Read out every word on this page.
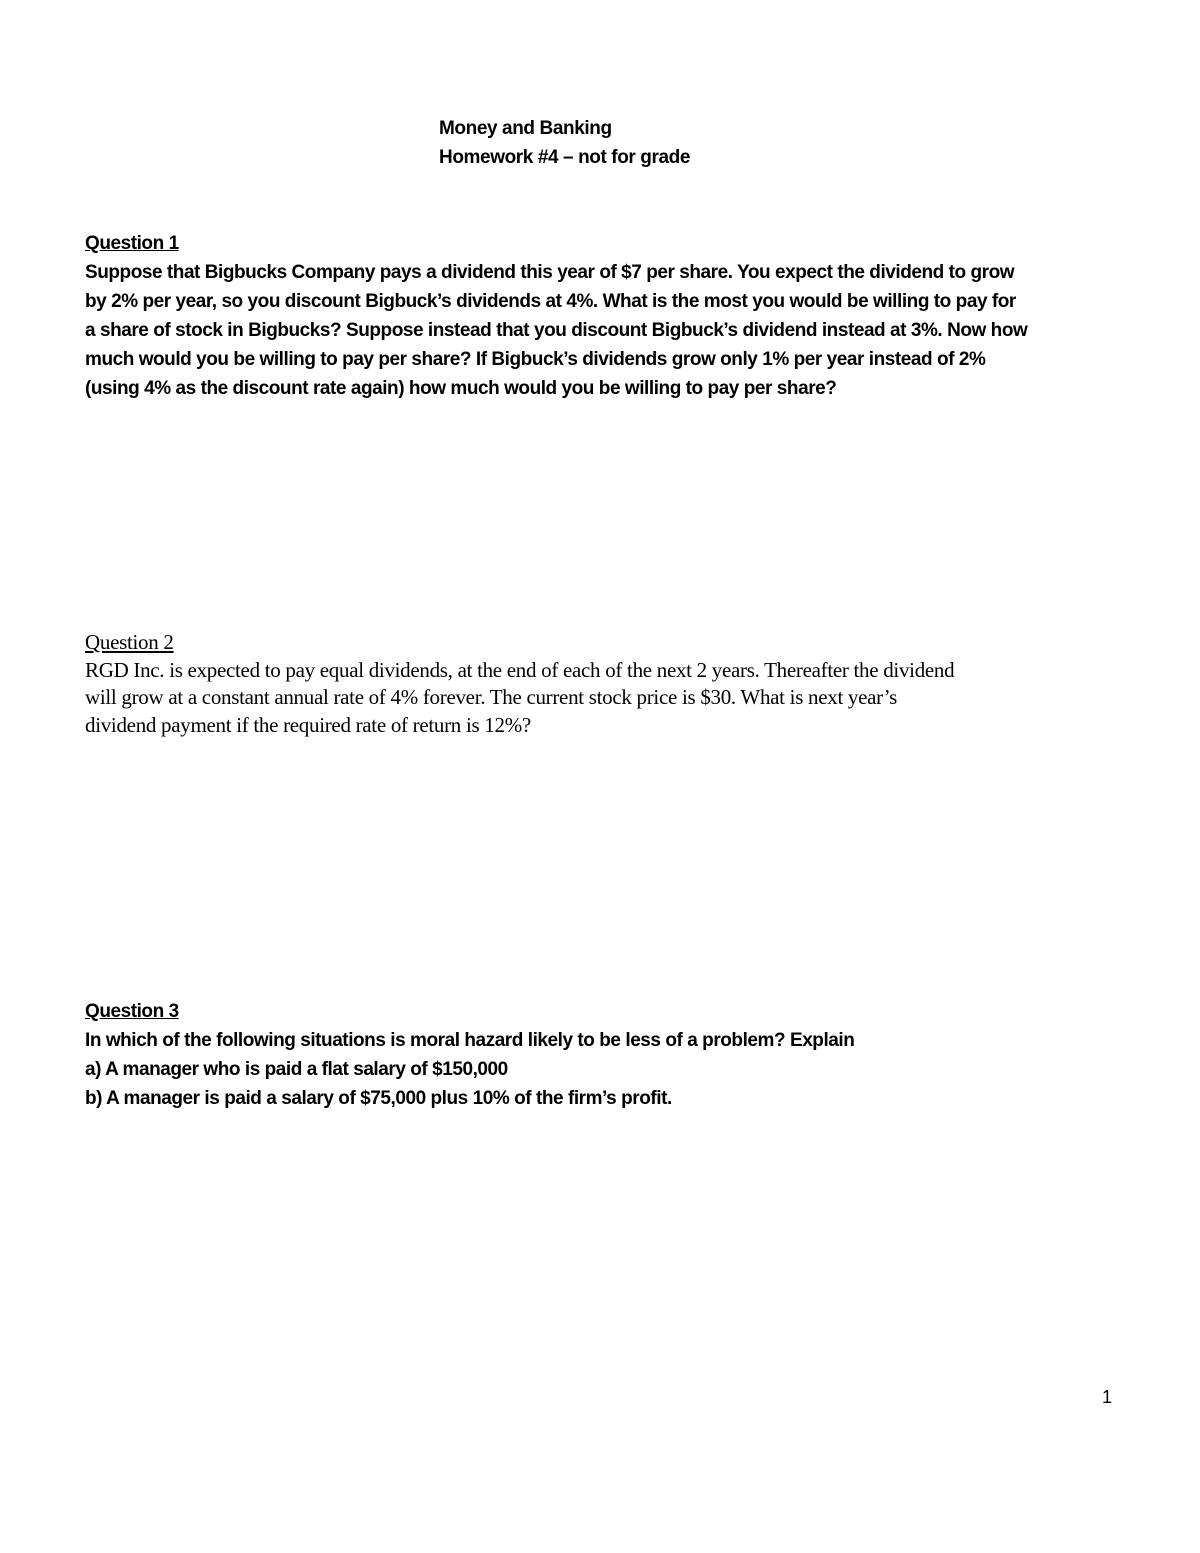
Money and Banking
Homework #4 – not for grade
Question 1
Suppose that Bigbucks Company pays a dividend this year of $7 per share. You expect the dividend to grow
by 2% per year, so you discount Bigbuck’s dividends at 4%. What is the most you would be willing to pay for
a share of stock in Bigbucks? Suppose instead that you discount Bigbuck’s dividend instead at 3%. Now how
much would you be willing to pay per share? If Bigbuck’s dividends grow only 1% per year instead of 2%
(using 4% as the discount rate again) how much would you be willing to pay per share?
Question 2
RGD Inc. is expected to pay equal dividends, at the end of each of the next 2 years. Thereafter the dividend
will grow at a constant annual rate of 4% forever. The current stock price is $30. What is next year’s
dividend payment if the required rate of return is 12%?
Question 3
In which of the following situations is moral hazard likely to be less of a problem? Explain
a) A manager who is paid a flat salary of $150,000
b) A manager is paid a salary of $75,000 plus 10% of the firm’s profit.
1
